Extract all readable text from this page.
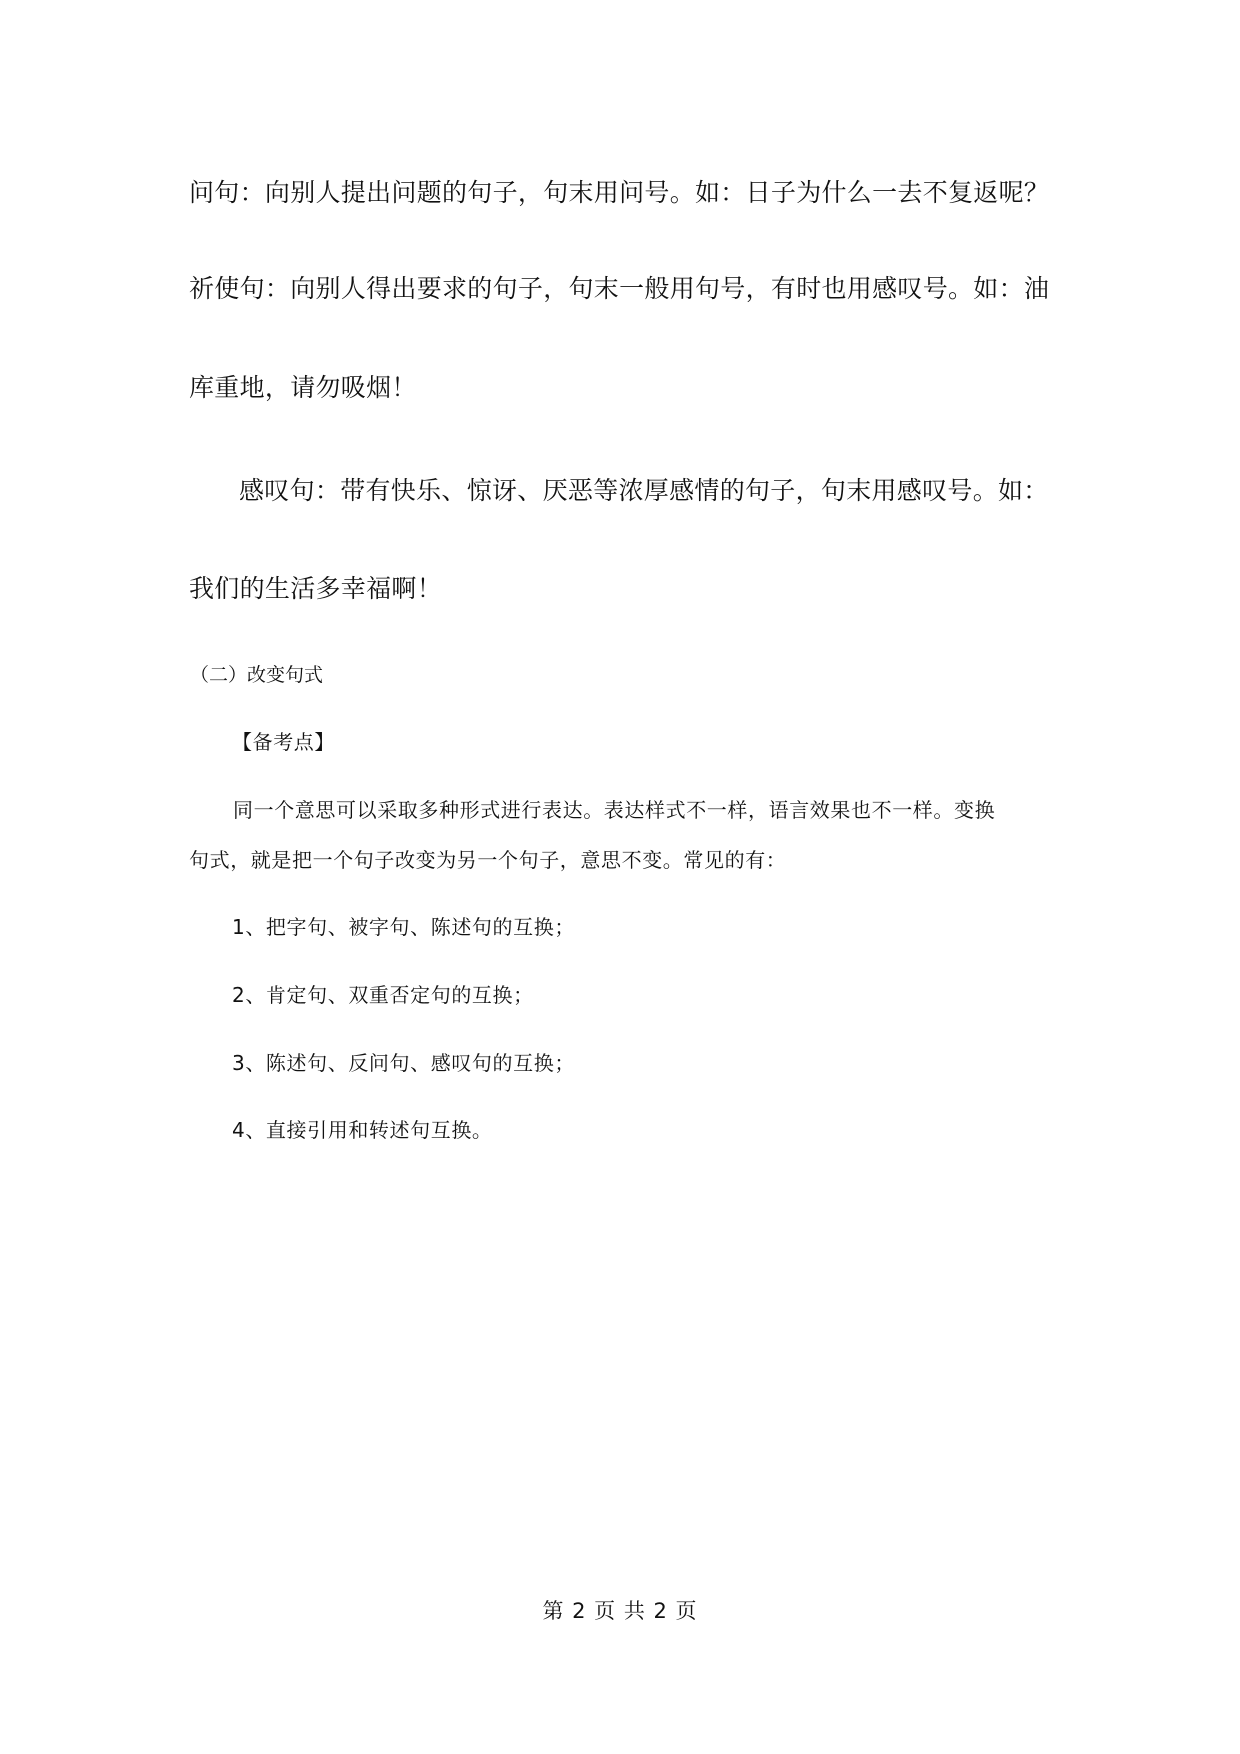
问句：向别人提出问题的句子，句末用问号。如：日子为什么一去不复返呢？
祈使句：向别人得出要求的句子，句末一般用句号，有时也用感叹号。如：油
库重地，请勿吸烟！
感叹句：带有快乐、惊讶、厌恶等浓厚感情的句子，句末用感叹号。如：
我们的生活多幸福啊！
（二）改变句式
【备考点】
同一个意思可以采取多种形式进行表达。表达样式不一样，语言效果也不一样。变换
句式，就是把一个句子改变为另一个句子，意思不变。常见的有：
1、把字句、被字句、陈述句的互换；
2、肯定句、双重否定句的互换；
3、陈述句、反问句、感叹句的互换；
4、直接引用和转述句互换。
第 2 页 共 2 页
